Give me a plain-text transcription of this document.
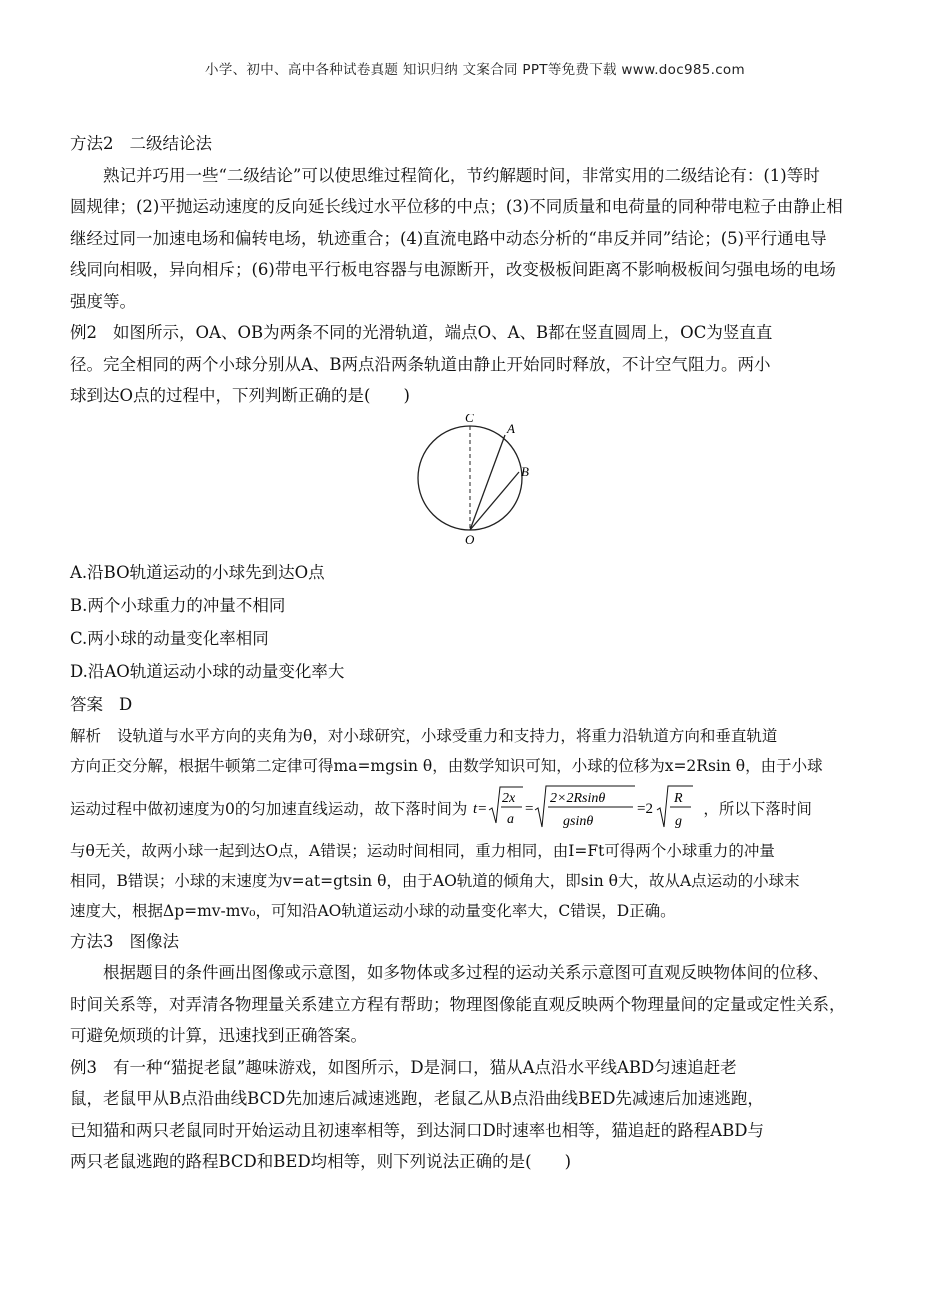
小学、初中、高中各种试卷真题 知识归纳 文案合同 PPT等免费下载 www.doc985.com

方法2 二级结论法

熟记并巧用一些“二级结论”可以使思维过程简化，节约解题时间，非常实用的二级结论有：(1)等时

圆规律；(2)平抛运动速度的反向延长线过水平位移的中点；(3)不同质量和电荷量的同种带电粒子由静止相

继经过同一加速电场和偏转电场，轨迹重合；(4)直流电路中动态分析的“串反并同”结论；(5)平行通电导

线同向相吸，异向相斥；(6)带电平行板电容器与电源断开，改变极板间距离不影响极板间匀强电场的电场

强度等。

例2 如图所示，OA、OB为两条不同的光滑轨道，端点O、A、B都在竖直圆周上，OC为竖直直

径。完全相同的两个小球分别从A、B两点沿两条轨道由静止开始同时释放，不计空气阻力。两小

球到达O点的过程中，下列判断正确的是(　　)

C
A
B
O

A.沿BO轨道运动的小球先到达O点

B.两个小球重力的冲量不相同

C.两小球的动量变化率相同

D.沿AO轨道运动小球的动量变化率大

答案 D

解析 设轨道与水平方向的夹角为θ，对小球研究，小球受重力和支持力，将重力沿轨道方向和垂直轨道

方向正交分解，根据牛顿第二定律可得ma=mgsin θ，由数学知识可知，小球的位移为x=2Rsin θ，由于小球

运动过程中做初速度为0的匀加速直线运动，故下落时间为 t=
2x
a
=
2×2Rsinθ
gsinθ
=2
R
g
，所以下落时间

与θ无关，故两小球一起到达O点，A错误；运动时间相同，重力相同，由I=Ft可得两个小球重力的冲量

相同，B错误；小球的末速度为v=at=gtsin θ，由于AO轨道的倾角大，即sin θ大，故从A点运动的小球末

速度大，根据Δp=mv-mv₀，可知沿AO轨道运动小球的动量变化率大，C错误，D正确。

方法3 图像法

根据题目的条件画出图像或示意图，如多物体或多过程的运动关系示意图可直观反映物体间的位移、

时间关系等，对弄清各物理量关系建立方程有帮助；物理图像能直观反映两个物理量间的定量或定性关系，

可避免烦琐的计算，迅速找到正确答案。

例3 有一种“猫捉老鼠”趣味游戏，如图所示，D是洞口，猫从A点沿水平线ABD匀速追赶老

鼠，老鼠甲从B点沿曲线BCD先加速后减速逃跑，老鼠乙从B点沿曲线BED先减速后加速逃跑，

已知猫和两只老鼠同时开始运动且初速率相等，到达洞口D时速率也相等，猫追赶的路程ABD与

两只老鼠逃跑的路程BCD和BED均相等，则下列说法正确的是(　　)
